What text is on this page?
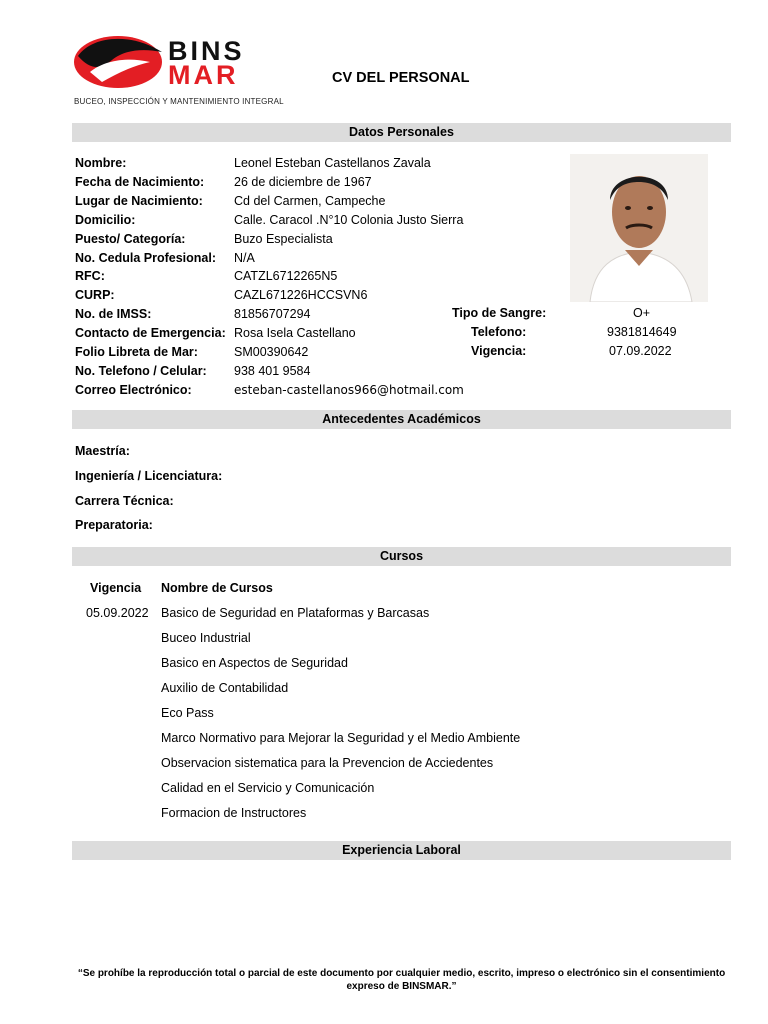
BINS
MAR
BUCEO, INSPECCIÓN Y MANTENIMIENTO INTEGRAL
CV DEL PERSONAL
Datos Personales
Nombre:	Leonel Esteban Castellanos Zavala
Fecha de Nacimiento: 26 de diciembre de 1967
Lugar de Nacimiento: Cd del Carmen, Campeche
Domicilio:	Calle. Caracol .N°10 Colonia Justo Sierra
Puesto/ Categoría:	Buzo Especialista
No. Cedula Profesional: N/A
RFC:	CATZL6712265N5
CURP:	CAZL671226HCCSVN6
No. de IMSS:	81856707294
Contacto de Emergencia: Rosa Isela Castellano
Folio Libreta de Mar:	SM00390642
No. Telefono / Celular: 938 401 9584
Correo Electrónico:	esteban-castellanos966@hotmail.com
Tipo de Sangre:	O+
Telefono:	9381814649
Vigencia:	07.09.2022
Antecedentes Académicos
Maestría:
Ingeniería / Licenciatura:
Carrera Técnica:
Preparatoria:
Cursos
Vigencia Nombre de Cursos
05.09.2022 Basico de Seguridad en Plataformas y Barcasas
Buceo Industrial
Basico en Aspectos de Seguridad
Auxilio de Contabilidad
Eco Pass
Marco Normativo para Mejorar la Seguridad y el Medio Ambiente
Observacion sistematica para la Prevencion de Acciedentes
Calidad en el Servicio y Comunicación
Formacion de Instructores
Experiencia Laboral
“Se prohíbe la reproducción total o parcial de este documento por cualquier medio, escrito, impreso o electrónico sin el consentimiento
expreso de BINSMAR.”
